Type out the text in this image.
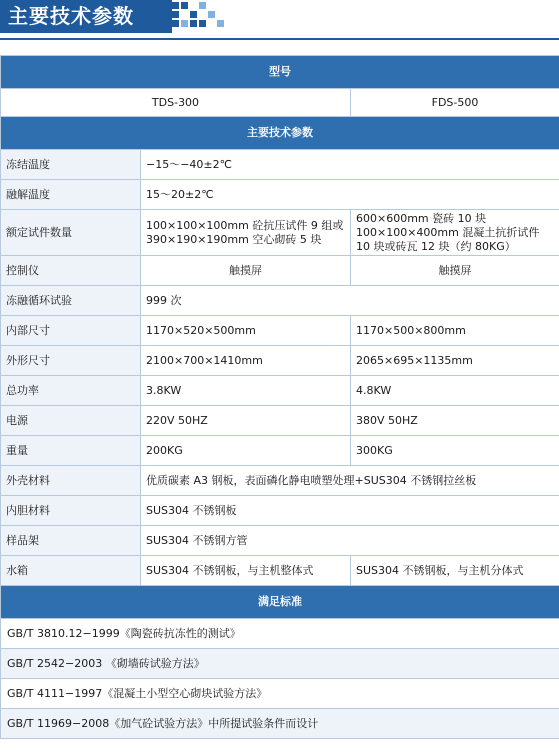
主要技术参数
型号		
TDS-300		FDS-500
主要技术参数		
冻结温度	−15～−40±2℃	
融解温度	15～20±2℃	
额定试件数量	100×100×100mm 砼抗压试件 9 组或 390×190×190mm 空心砌砖 5 块	600×600mm 瓷砖 10 块 100×100×400mm 混凝土抗折试件 10 块或砖瓦 12 块（约 80KG）
控制仪	触摸屏	触摸屏
冻融循环试验	999 次	
内部尺寸	1170×520×500mm	1170×500×800mm
外形尺寸	2100×700×1410mm	2065×695×1135mm
总功率	3.8KW	4.8KW
电源	220V 50HZ	380V 50HZ
重量	200KG	300KG
外壳材料	优质碳素 A3 钢板，表面磷化静电喷塑处理+SUS304 不锈钢拉丝板	
内胆材料	SUS304 不锈钢板	
样品架	SUS304 不锈钢方管	
水箱	SUS304 不锈钢板，与主机整体式	SUS304 不锈钢板，与主机分体式
满足标准		
GB/T 3810.12−1999《陶瓷砖抗冻性的测试》		
GB/T 2542−2003 《砌墙砖试验方法》		
GB/T 4111−1997《混凝土小型空心砌块试验方法》		
GB/T 11969−2008《加气砼试验方法》中所提试验条件而设计		
